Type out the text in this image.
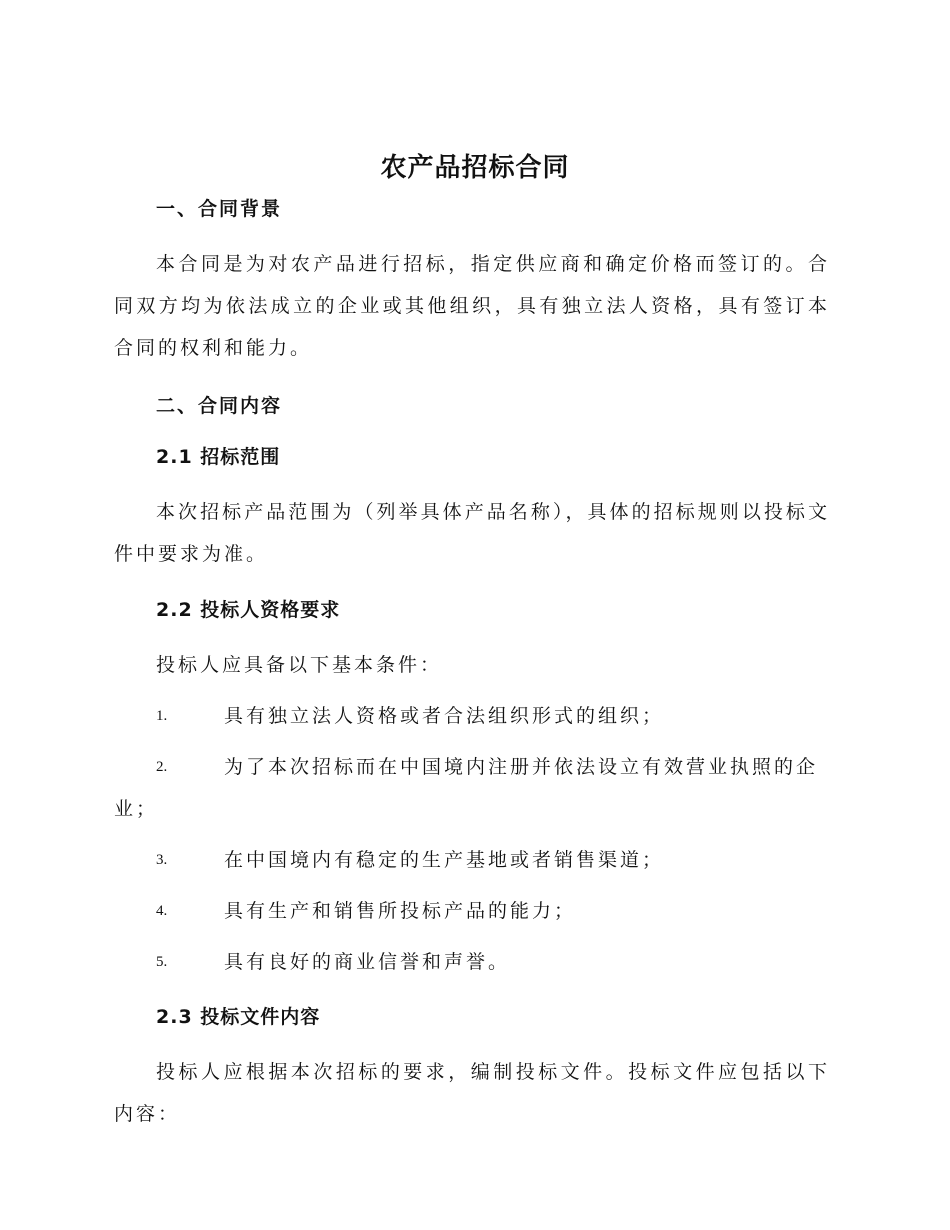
农产品招标合同

一、合同背景

本合同是为对农产品进行招标，指定供应商和确定价格而签订的。合同双方均为依法成立的企业或其他组织，具有独立法人资格，具有签订本合同的权利和能力。

二、合同内容

2.1 招标范围

本次招标产品范围为（列举具体产品名称），具体的招标规则以投标文件中要求为准。

2.2 投标人资格要求

投标人应具备以下基本条件：

1.	具有独立法人资格或者合法组织形式的组织；

2.	为了本次招标而在中国境内注册并依法设立有效营业执照的企业；

3.	在中国境内有稳定的生产基地或者销售渠道；

4.	具有生产和销售所投标产品的能力；

5.	具有良好的商业信誉和声誉。

2.3 投标文件内容

投标人应根据本次招标的要求，编制投标文件。投标文件应包括以下内容：
